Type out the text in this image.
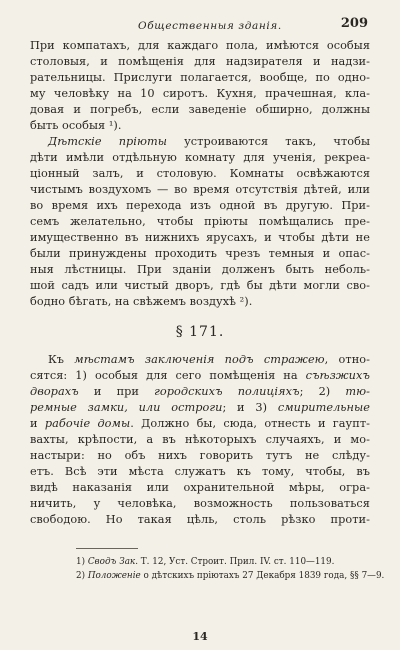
Общественныя зданія.	209

При компатахъ, для каждаго пола, имѣются особыя
столовыя, и помѣщенія для надзирателя и надзи-
рательницы. Прислуги полагается, вообще, по одно-
му человѣку на 10 сиротъ. Кухня, прачешная, кла-
довая и погребъ, если заведеніе обширно, должны
быть особыя ¹).

Дѣтскіе пріюты устроиваются такъ, чтобы
дѣти имѣли отдѣльную комнату для ученія, рекреа-
ціонный залъ, и столовую. Комнаты освѣжаются
чистымъ воздухомъ — во время отсутствія дѣтей, или
во время ихъ перехода изъ одной въ другую. При-
семъ желательно, чтобы пріюты помѣщались пре-
имущественно въ нижнихъ ярусахъ, и чтобы дѣти не
были принуждены проходить чрезъ темныя и опас-
ныя лѣстницы. При зданіи долженъ быть неболь-
шой садъ или чистый дворъ, гдѣ бы дѣти могли сво-
бодно бѣгать, на свѣжемъ воздухѣ ²).

§ 171.

Къ мѣстамъ заключенія подъ стражею, отно-
сятся: 1) особыя для сего помѣщенія на съѣзжихъ
дворахъ и при городскихъ полиціяхъ; 2) тю-
ремные замки, или остроги; и 3) смирительные
и рабочіе домы. Должно бы, сюда, отнесть и гаупт-
вахты, крѣпости, а въ нѣкоторыхъ случаяхъ, и мо-
настыри: но объ нихъ говорить тутъ не слѣду-
етъ. Всѣ эти мѣста служатъ къ тому, чтобы, въ
видѣ наказанія или охранительной мѣры, огра-
ничить, у человѣка, возможность пользоваться
свободою. Но такая цѣль, столь рѣзко проти-

1) Сводъ Зак. Т. 12, Уст. Строит. Прил. IV. ст. 110—119.
2) Положеніе о дѣтскихъ пріютахъ 27 Декабря 1839 года, §§ 7—9.
14
